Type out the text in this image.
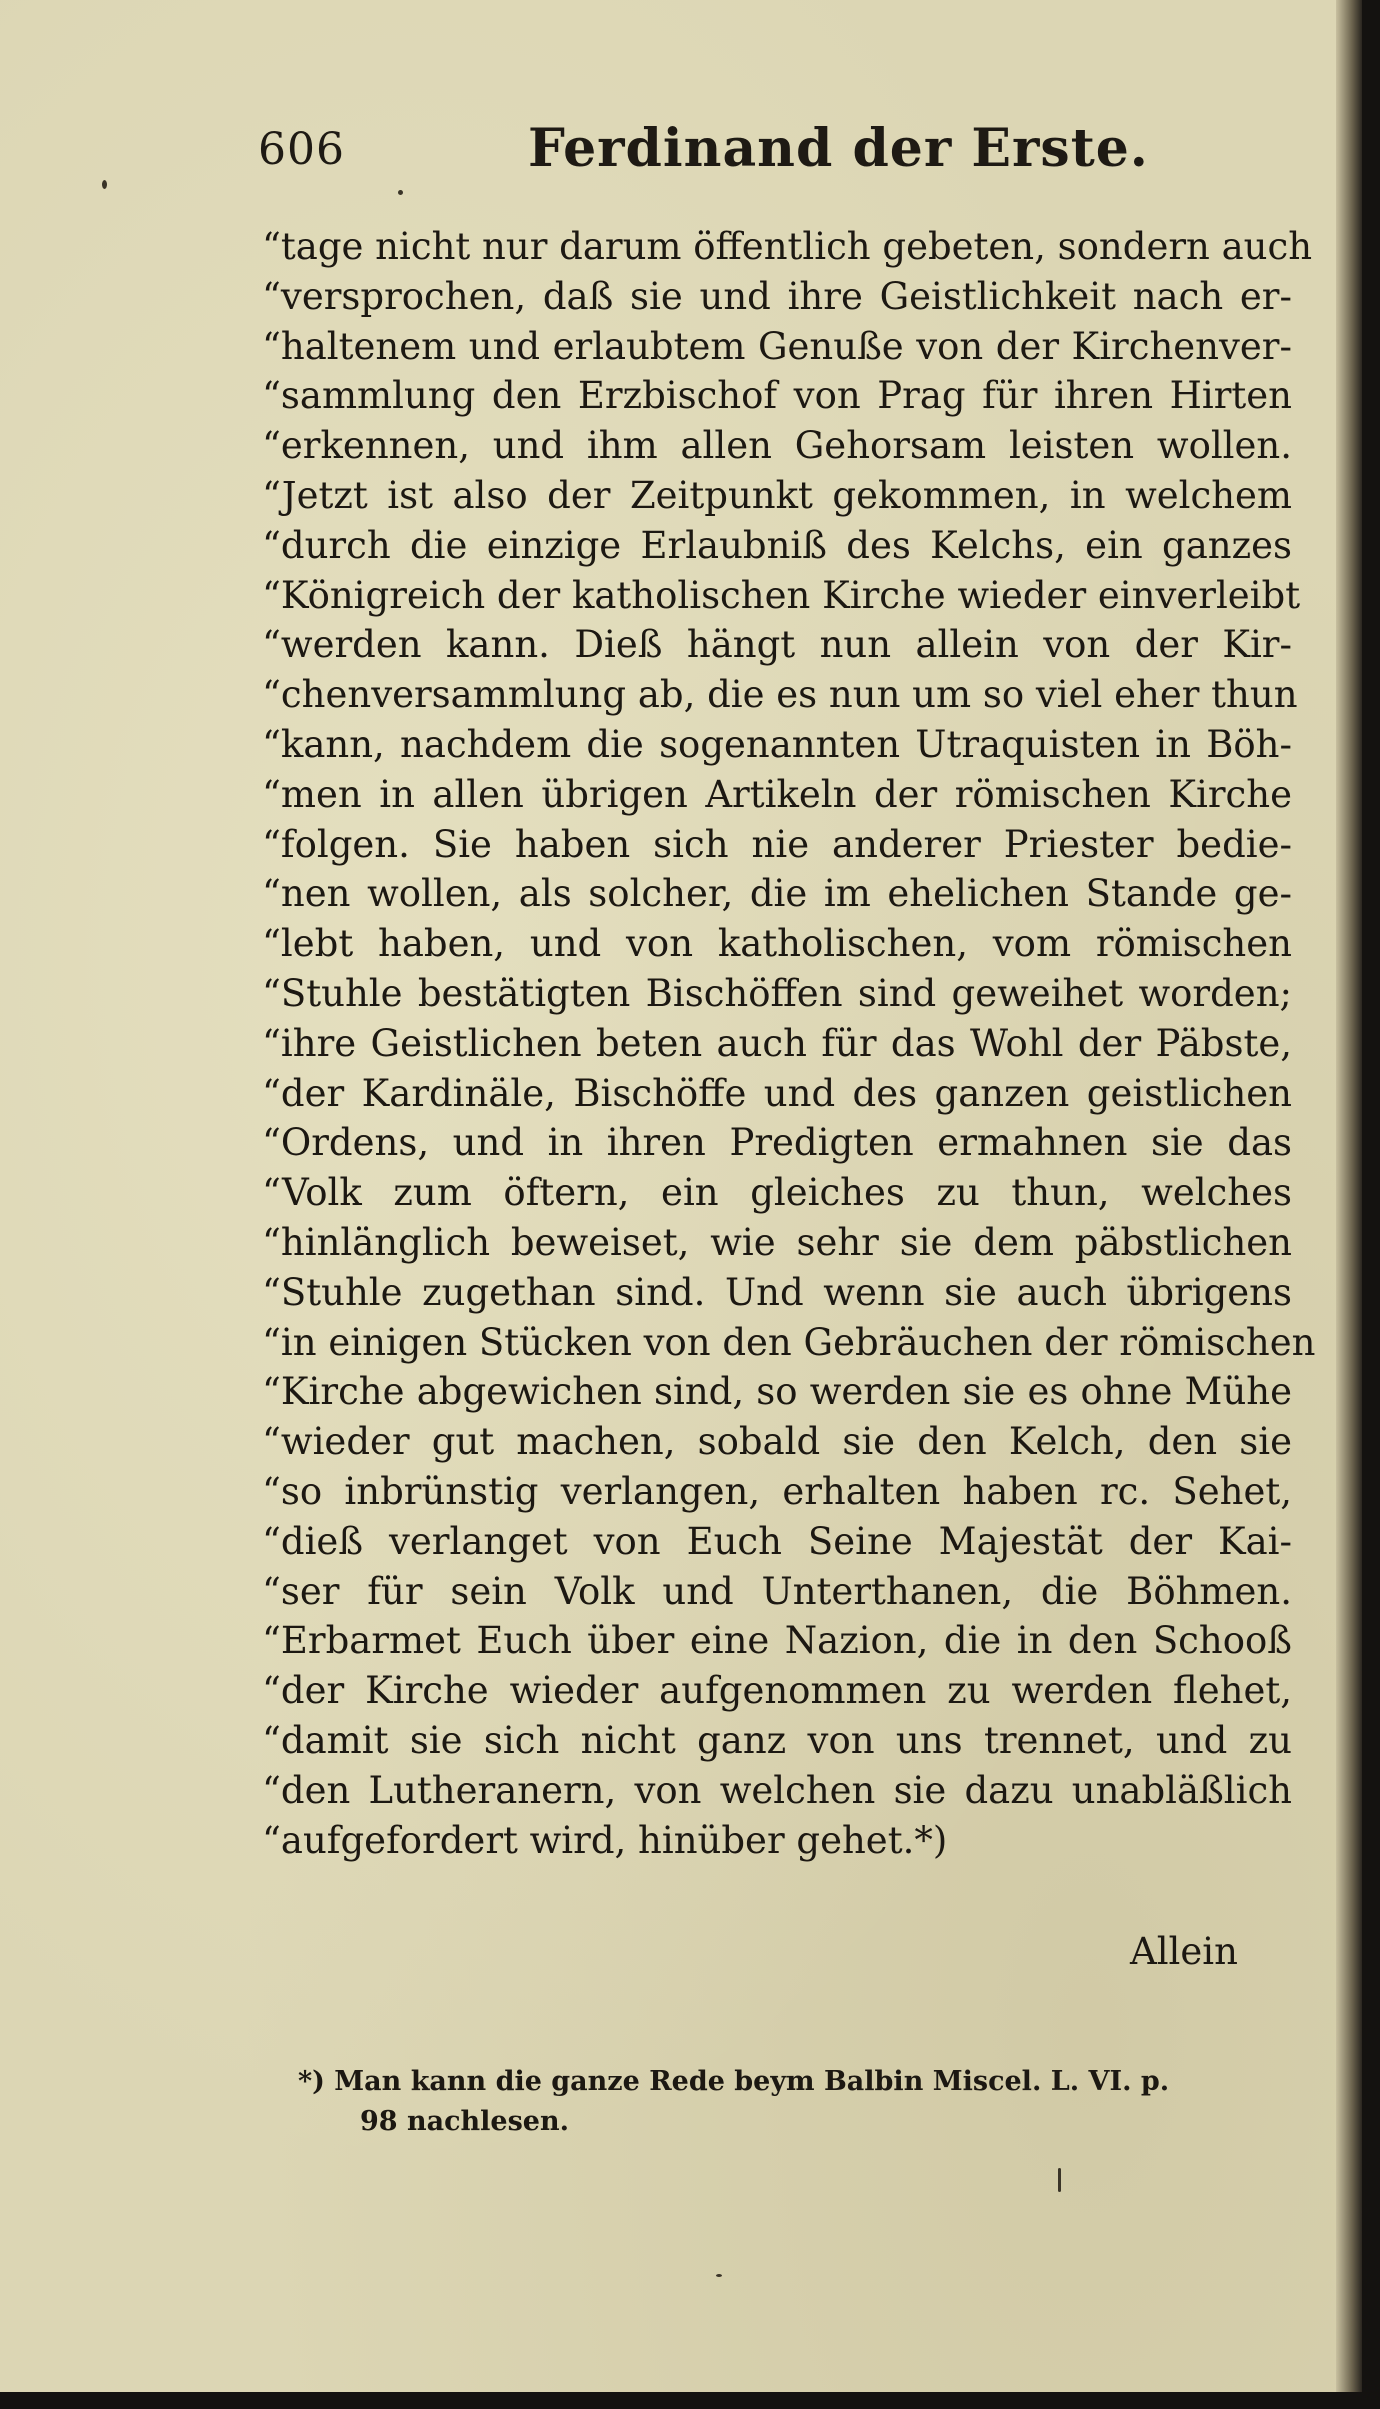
606	Ferdinand der Erste.
“tage nicht nur darum öffentlich gebeten, sondern auch
“versprochen, daß sie und ihre Geistlichkeit nach er-
“haltenem und erlaubtem Genuße von der Kirchenver-
“sammlung den Erzbischof von Prag für ihren Hirten
“erkennen, und ihm allen Gehorsam leisten wollen.
“Jetzt ist also der Zeitpunkt gekommen, in welchem
“durch die einzige Erlaubniß des Kelchs, ein ganzes
“Königreich der katholischen Kirche wieder einverleibt
“werden kann. Dieß hängt nun allein von der Kir-
“chenversammlung ab, die es nun um so viel eher thun
“kann, nachdem die sogenannten Utraquisten in Böh-
“men in allen übrigen Artikeln der römischen Kirche
“folgen. Sie haben sich nie anderer Priester bedie-
“nen wollen, als solcher, die im ehelichen Stande ge-
“lebt haben, und von katholischen, vom römischen
“Stuhle bestätigten Bischöffen sind geweihet worden;
“ihre Geistlichen beten auch für das Wohl der Päbste,
“der Kardinäle, Bischöffe und des ganzen geistlichen
“Ordens, und in ihren Predigten ermahnen sie das
“Volk zum öftern, ein gleiches zu thun, welches
“hinlänglich beweiset, wie sehr sie dem päbstlichen
“Stuhle zugethan sind. Und wenn sie auch übrigens
“in einigen Stücken von den Gebräuchen der römischen
“Kirche abgewichen sind, so werden sie es ohne Mühe
“wieder gut machen, sobald sie den Kelch, den sie
“so inbrünstig verlangen, erhalten haben rc. Sehet,
“dieß verlanget von Euch Seine Majestät der Kai-
“ser für sein Volk und Unterthanen, die Böhmen.
“Erbarmet Euch über eine Nazion, die in den Schooß
“der Kirche wieder aufgenommen zu werden flehet,
“damit sie sich nicht ganz von uns trennet, und zu
“den Lutheranern, von welchen sie dazu unabläßlich
“aufgefordert wird, hinüber gehet.*)
Allein
*) Man kann die ganze Rede beym Balbin Miscel. L. VI. p.
98 nachlesen.
